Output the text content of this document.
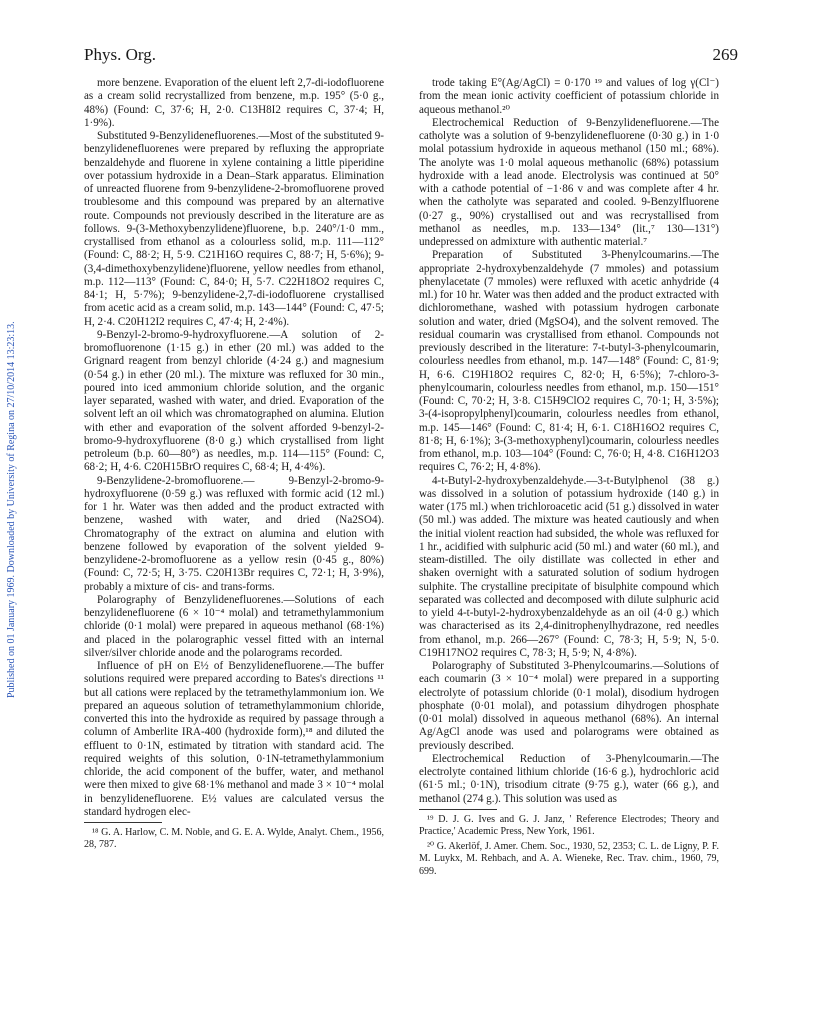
Published on 01 January 1969. Downloaded by University of Regina on 27/10/2014 13:23:13.
Phys. Org.	269

more benzene. Evaporation of the eluent left 2,7-di-iodofluorene as a cream solid recrystallized from benzene, m.p. 195° (5·0 g., 48%) (Found: C, 37·6; H, 2·0. C13H8I2 requires C, 37·4; H, 1·9%).

Substituted 9-Benzylidenefluorenes.—Most of the substituted 9-benzylidenefluorenes were prepared by refluxing the appropriate benzaldehyde and fluorene in xylene containing a little piperidine over potassium hydroxide in a Dean–Stark apparatus. Elimination of unreacted fluorene from 9-benzylidene-2-bromofluorene proved troublesome and this compound was prepared by an alternative route. Compounds not previously described in the literature are as follows. 9-(3-Methoxybenzylidene)fluorene, b.p. 240°/1·0 mm., crystallised from ethanol as a colourless solid, m.p. 111—112° (Found: C, 88·2; H, 5·9. C21H16O requires C, 88·7; H, 5·6%); 9-(3,4-dimethoxybenzylidene)fluorene, yellow needles from ethanol, m.p. 112—113° (Found: C, 84·0; H, 5·7. C22H18O2 requires C, 84·1; H, 5·7%); 9-benzylidene-2,7-di-iodofluorene crystallised from acetic acid as a cream solid, m.p. 143—144° (Found: C, 47·5; H, 2·4. C20H12I2 requires C, 47·4; H, 2·4%).

9-Benzyl-2-bromo-9-hydroxyfluorene.—A solution of 2-bromofluorenone (1·15 g.) in ether (20 ml.) was added to the Grignard reagent from benzyl chloride (4·24 g.) and magnesium (0·54 g.) in ether (20 ml.). The mixture was refluxed for 30 min., poured into iced ammonium chloride solution, and the organic layer separated, washed with water, and dried. Evaporation of the solvent left an oil which was chromatographed on alumina. Elution with ether and evaporation of the solvent afforded 9-benzyl-2-bromo-9-hydroxyfluorene (8·0 g.) which crystallised from light petroleum (b.p. 60—80°) as needles, m.p. 114—115° (Found: C, 68·2; H, 4·6. C20H15BrO requires C, 68·4; H, 4·4%).

9-Benzylidene-2-bromofluorene.— 9-Benzyl-2-bromo-9-hydroxyfluorene (0·59 g.) was refluxed with formic acid (12 ml.) for 1 hr. Water was then added and the product extracted with benzene, washed with water, and dried (Na2SO4). Chromatography of the extract on alumina and elution with benzene followed by evaporation of the solvent yielded 9-benzylidene-2-bromofluorene as a yellow resin (0·45 g., 80%) (Found: C, 72·5; H, 3·75. C20H13Br requires C, 72·1; H, 3·9%), probably a mixture of cis- and trans-forms.

Polarography of Benzylidenefluorenes.—Solutions of each benzylidenefluorene (6 × 10⁻⁴ molal) and tetramethylammonium chloride (0·1 molal) were prepared in aqueous methanol (68·1%) and placed in the polarographic vessel fitted with an internal silver/silver chloride anode and the polarograms recorded.

Influence of pH on E½ of Benzylidenefluorene.—The buffer solutions required were prepared according to Bates's directions ¹¹ but all cations were replaced by the tetramethylammonium ion. We prepared an aqueous solution of tetramethylammonium chloride, converted this into the hydroxide as required by passage through a column of Amberlite IRA-400 (hydroxide form),¹⁸ and diluted the effluent to 0·1N, estimated by titration with standard acid. The required weights of this solution, 0·1N-tetramethylammonium chloride, the acid component of the buffer, water, and methanol were then mixed to give 68·1% methanol and made 3 × 10⁻⁴ molal in benzylidenefluorene. E½ values are calculated versus the standard hydrogen elec-

¹⁸ G. A. Harlow, C. M. Noble, and G. E. A. Wylde, Analyt. Chem., 1956, 28, 787.

trode taking E°(Ag/AgCl) = 0·170 ¹⁹ and values of log γ(Cl⁻) from the mean ionic activity coefficient of potassium chloride in aqueous methanol.²⁰

Electrochemical Reduction of 9-Benzylidenefluorene.—The catholyte was a solution of 9-benzylidenefluorene (0·30 g.) in 1·0 molal potassium hydroxide in aqueous methanol (150 ml.; 68%). The anolyte was 1·0 molal aqueous methanolic (68%) potassium hydroxide with a lead anode. Electrolysis was continued at 50° with a cathode potential of −1·86 v and was complete after 4 hr. when the catholyte was separated and cooled. 9-Benzylfluorene (0·27 g., 90%) crystallised out and was recrystallised from methanol as needles, m.p. 133—134° (lit.,⁷ 130—131°) undepressed on admixture with authentic material.⁷

Preparation of Substituted 3-Phenylcoumarins.—The appropriate 2-hydroxybenzaldehyde (7 mmoles) and potassium phenylacetate (7 mmoles) were refluxed with acetic anhydride (4 ml.) for 10 hr. Water was then added and the product extracted with dichloromethane, washed with potassium hydrogen carbonate solution and water, dried (MgSO4), and the solvent removed. The residual coumarin was crystallised from ethanol. Compounds not previously described in the literature: 7-t-butyl-3-phenylcoumarin, colourless needles from ethanol, m.p. 147—148° (Found: C, 81·9; H, 6·6. C19H18O2 requires C, 82·0; H, 6·5%); 7-chloro-3-phenylcoumarin, colourless needles from ethanol, m.p. 150—151° (Found: C, 70·2; H, 3·8. C15H9ClO2 requires C, 70·1; H, 3·5%); 3-(4-isopropylphenyl)coumarin, colourless needles from ethanol, m.p. 145—146° (Found: C, 81·4; H, 6·1. C18H16O2 requires C, 81·8; H, 6·1%); 3-(3-methoxyphenyl)coumarin, colourless needles from ethanol, m.p. 103—104° (Found: C, 76·0; H, 4·8. C16H12O3 requires C, 76·2; H, 4·8%).

4-t-Butyl-2-hydroxybenzaldehyde.—3-t-Butylphenol (38 g.) was dissolved in a solution of potassium hydroxide (140 g.) in water (175 ml.) when trichloroacetic acid (51 g.) dissolved in water (50 ml.) was added. The mixture was heated cautiously and when the initial violent reaction had subsided, the whole was refluxed for 1 hr., acidified with sulphuric acid (50 ml.) and water (60 ml.), and steam-distilled. The oily distillate was collected in ether and shaken overnight with a saturated solution of sodium hydrogen sulphite. The crystalline precipitate of bisulphite compound which separated was collected and decomposed with dilute sulphuric acid to yield 4-t-butyl-2-hydroxybenzaldehyde as an oil (4·0 g.) which was characterised as its 2,4-dinitrophenylhydrazone, red needles from ethanol, m.p. 266—267° (Found: C, 78·3; H, 5·9; N, 5·0. C19H17NO2 requires C, 78·3; H, 5·9; N, 4·8%).

Polarography of Substituted 3-Phenylcoumarins.—Solutions of each coumarin (3 × 10⁻⁴ molal) were prepared in a supporting electrolyte of potassium chloride (0·1 molal), disodium hydrogen phosphate (0·01 molal), and potassium dihydrogen phosphate (0·01 molal) dissolved in aqueous methanol (68%). An internal Ag/AgCl anode was used and polarograms were obtained as previously described.

Electrochemical Reduction of 3-Phenylcoumarin.—The electrolyte contained lithium chloride (16·6 g.), hydrochloric acid (61·5 ml.; 0·1N), trisodium citrate (9·75 g.), water (66 g.), and methanol (274 g.). This solution was used as

¹⁹ D. J. G. Ives and G. J. Janz, ' Reference Electrodes; Theory and Practice,' Academic Press, New York, 1961.

²⁰ G. Akerlöf, J. Amer. Chem. Soc., 1930, 52, 2353; C. L. de Ligny, P. F. M. Luykx, M. Rehbach, and A. A. Wieneke, Rec. Trav. chim., 1960, 79, 699.
